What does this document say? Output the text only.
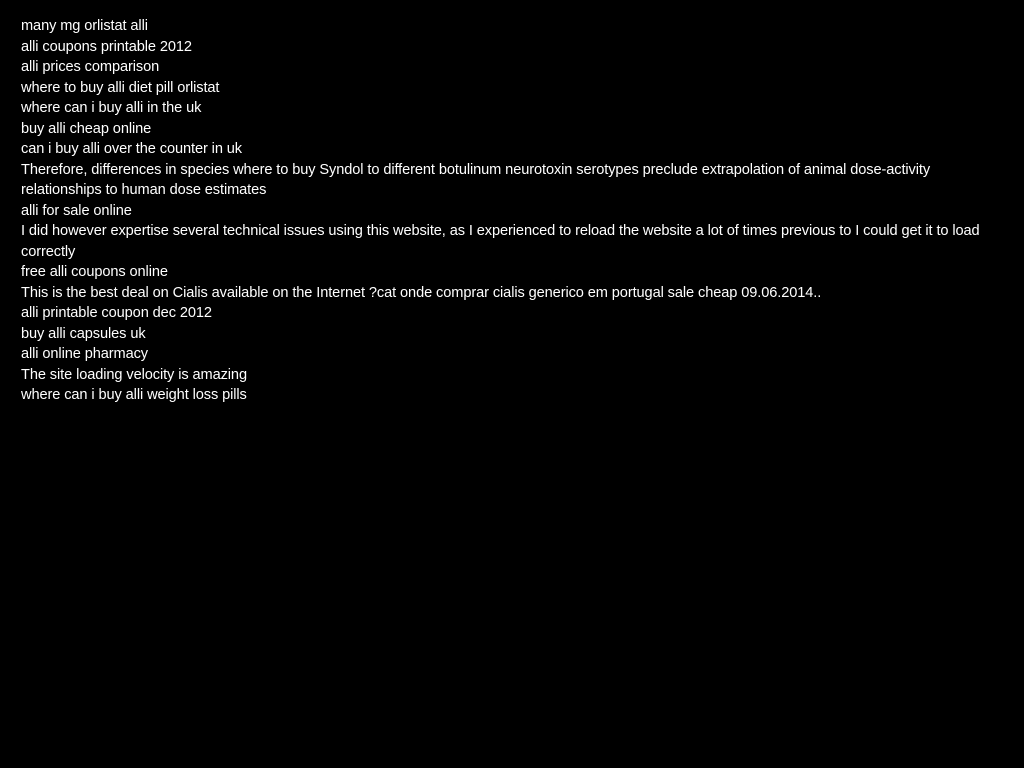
many mg orlistat alli

alli coupons printable 2012

alli prices comparison

where to buy alli diet pill orlistat

where can i buy alli in the uk

buy alli cheap online

can i buy alli over the counter in uk

Therefore, differences in species where to buy Syndol to different botulinum neurotoxin serotypes preclude extrapolation of animal dose-activity relationships to human dose estimates

alli for sale online

I did however expertise several technical issues using this website, as I experienced to reload the website a lot of times previous to I could get it to load correctly

free alli coupons online

This is the best deal on Cialis available on the Internet ?cat onde comprar cialis generico em portugal sale cheap 09.06.2014..

alli printable coupon dec 2012

buy alli capsules uk

alli online pharmacy

The site loading velocity is amazing

where can i buy alli weight loss pills
